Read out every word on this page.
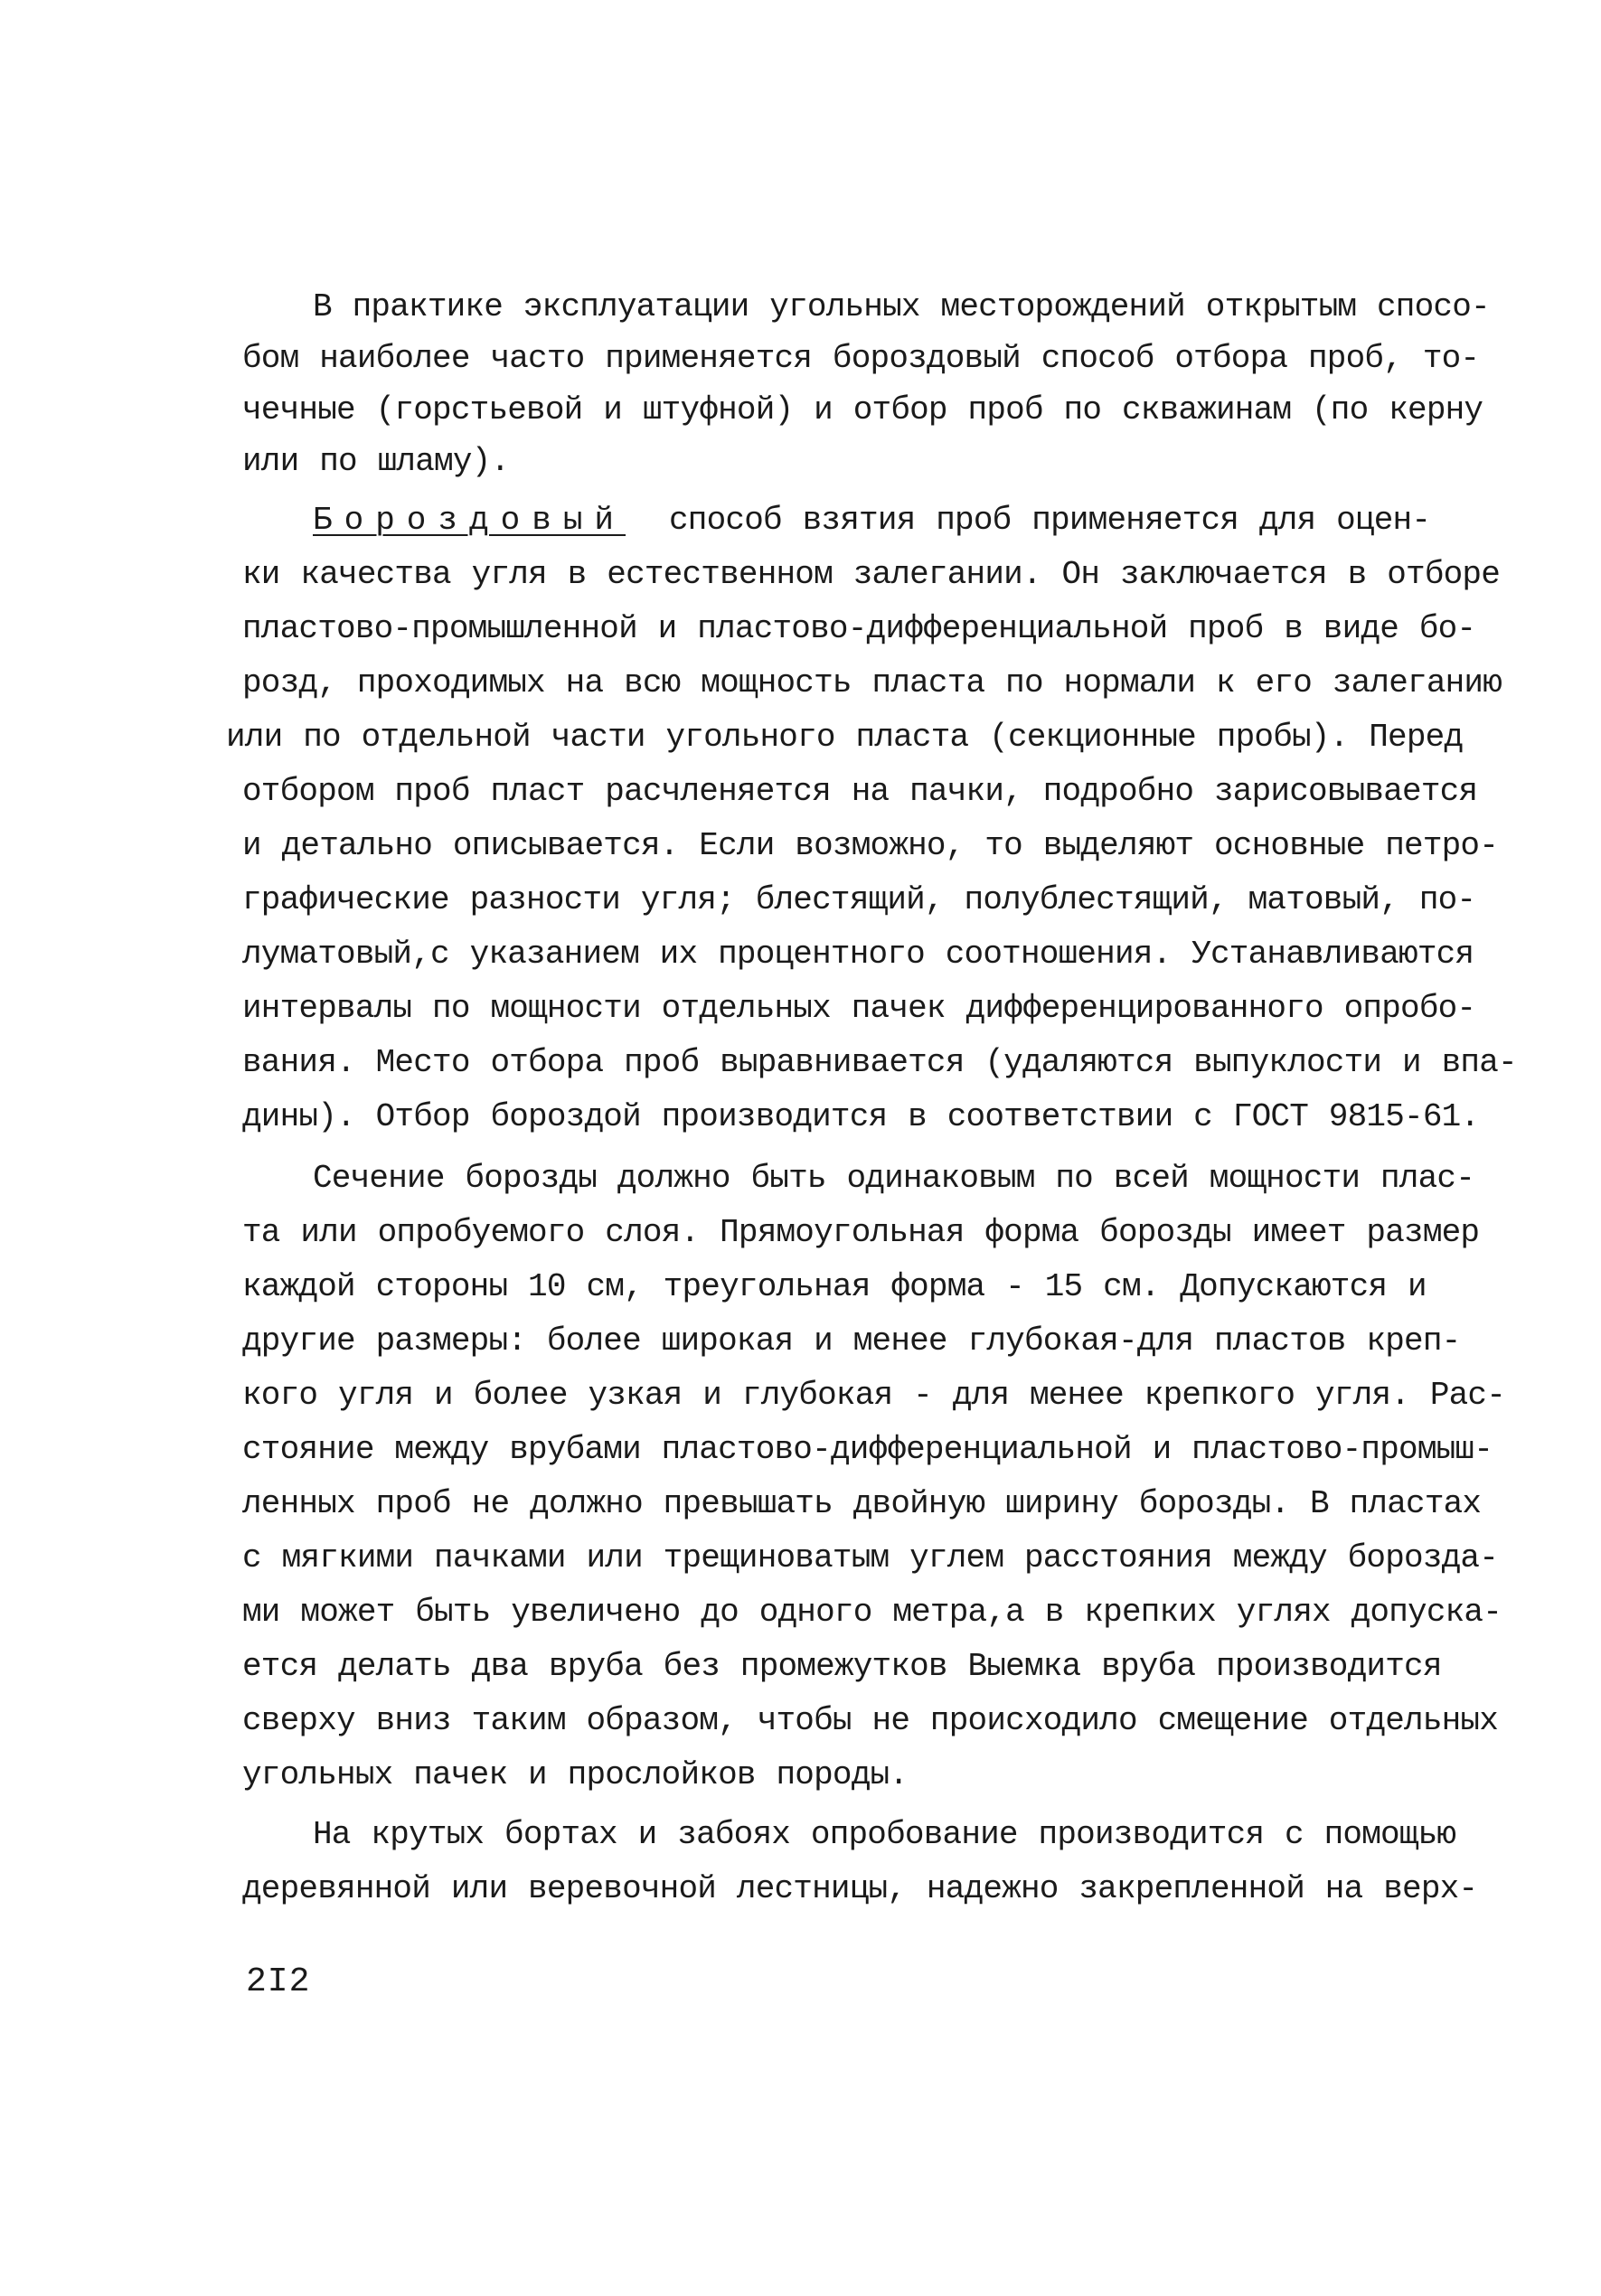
В практике эксплуатации угольных месторождений открытым спосо-
бом наиболее часто применяется бороздовый способ отбора проб, то-
чечные (горстьевой и штуфной) и отбор проб по скважинам (по керну
или по шламу).
Бороздовый способ взятия проб применяется для оцен-
ки качества угля в естественном залегании. Он заключается в отборе
пластово-промышленной и пластово-дифференциальной проб в виде бо-
розд, проходимых на всю мощность пласта по нормали к его залеганию
или по отдельной части угольного пласта (секционные пробы). Перед
отбором проб пласт расчленяется на пачки, подробно зарисовывается
и детально описывается. Если возможно, то выделяют основные петро-
графические разности угля; блестящий, полублестящий, матовый, по-
луматовый,с указанием их процентного соотношения. Устанавливаются
интервалы по мощности отдельных пачек дифференцированного опробо-
вания. Место отбора проб выравнивается (удаляются выпуклости и впа-
дины). Отбор бороздой производится в соответствии с ГОСТ 9815-61.
Сечение борозды должно быть одинаковым по всей мощности плас-
та или опробуемого слоя. Прямоугольная форма борозды имеет размер
каждой стороны 10 см, треугольная форма - 15 см. Допускаются и
другие размеры: более широкая и менее глубокая-для пластов креп-
кого угля и более узкая и глубокая - для менее крепкого угля. Рас-
стояние между врубами пластово-дифференциальной и пластово-промыш-
ленных проб не должно превышать двойную ширину борозды. В пластах
с мягкими пачками или трещиноватым углем расстояния между борозда-
ми может быть увеличено до одного метра,а в крепких углях допуска-
ется делать два вруба без промежутков Выемка вруба производится
сверху вниз таким образом, чтобы не происходило смещение отдельных
угольных пачек и прослойков породы.
На крутых бортах и забоях опробование производится с помощью
деревянной или веревочной лестницы, надежно закрепленной на верх-
2I2
